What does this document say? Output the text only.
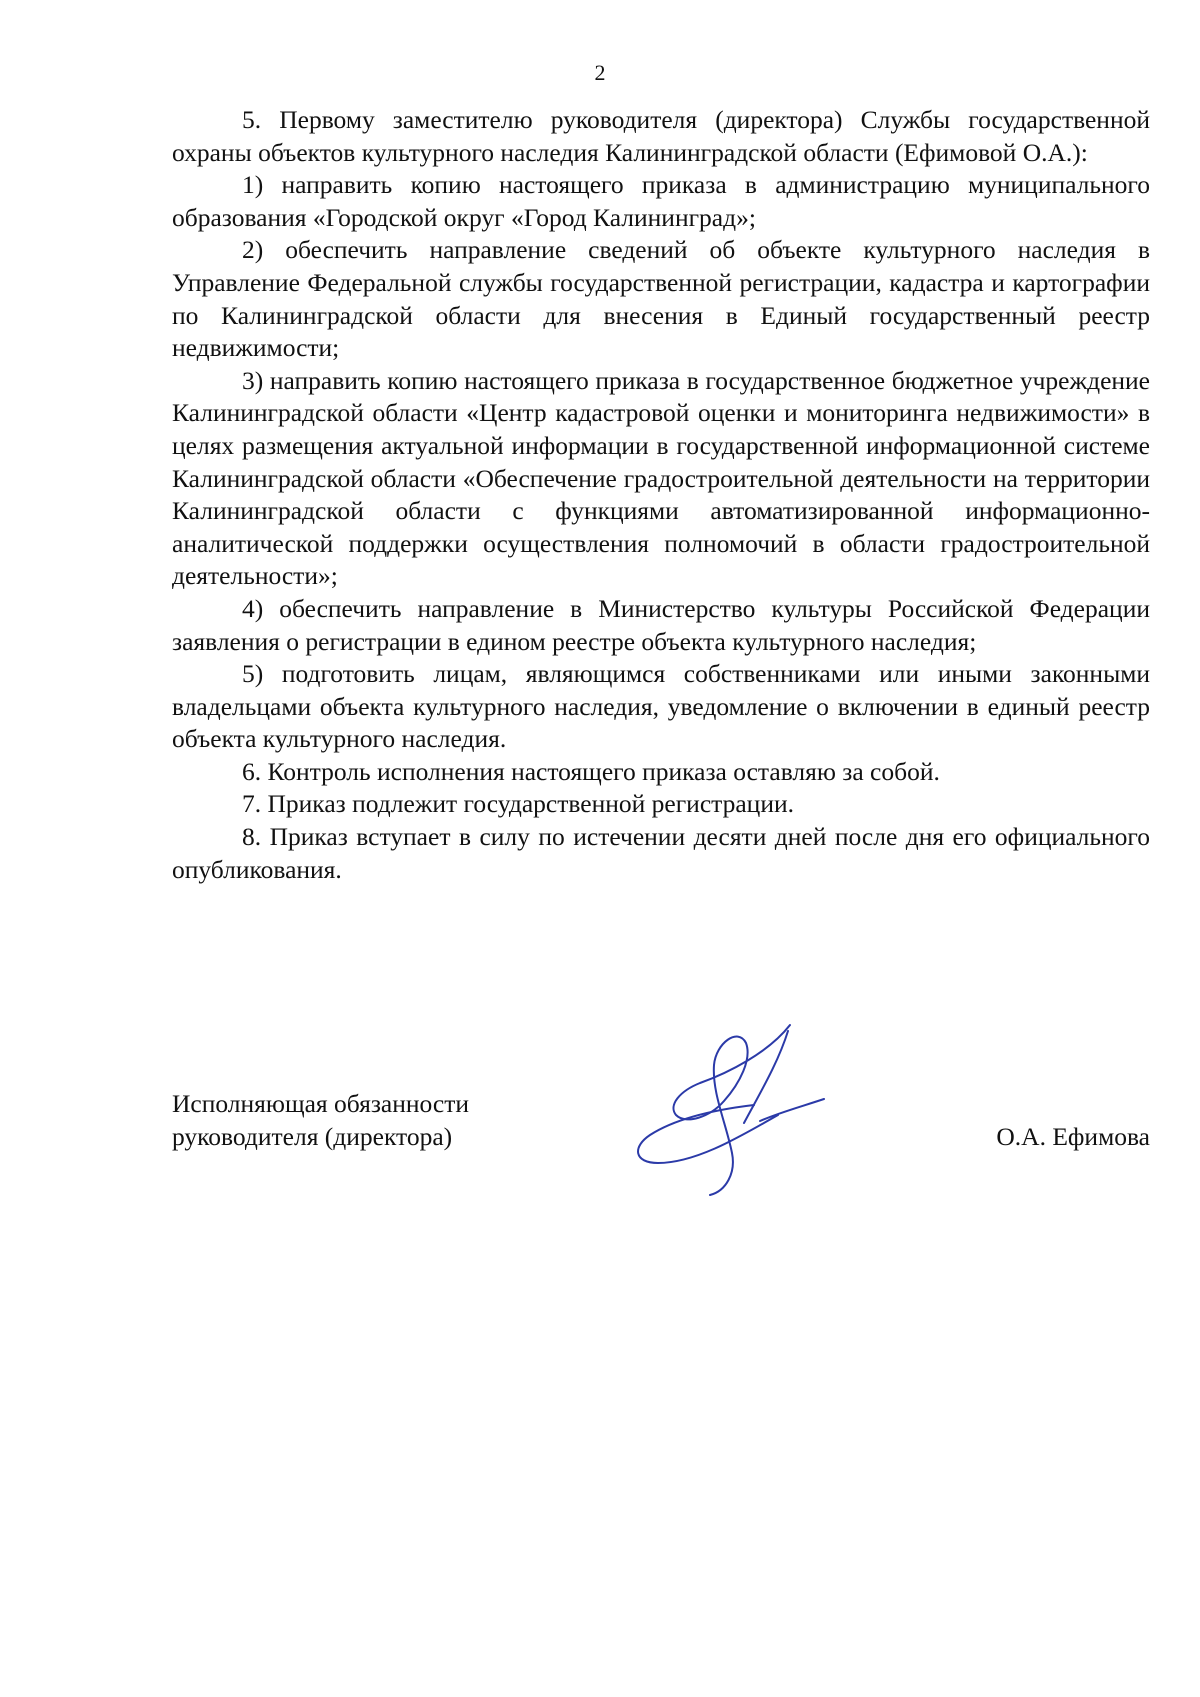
2

5. Первому заместителю руководителя (директора) Службы государственной охраны объектов культурного наследия Калининградской области (Ефимовой О.А.):

1) направить копию настоящего приказа в администрацию муниципального образования «Городской округ «Город Калининград»;

2) обеспечить направление сведений об объекте культурного наследия в Управление Федеральной службы государственной регистрации, кадастра и картографии по Калининградской области для внесения в Единый государственный реестр недвижимости;

3) направить копию настоящего приказа в государственное бюджетное учреждение Калининградской области «Центр кадастровой оценки и мониторинга недвижимости» в целях размещения актуальной информации в государственной информационной системе Калининградской области «Обеспечение градостроительной деятельности на территории Калининградской области с функциями автоматизированной информационно-аналитической поддержки осуществления полномочий в области градостроительной деятельности»;

4) обеспечить направление в Министерство культуры Российской Федерации заявления о регистрации в едином реестре объекта культурного наследия;

5) подготовить лицам, являющимся собственниками или иными законными владельцами объекта культурного наследия, уведомление о включении в единый реестр объекта культурного наследия.

6. Контроль исполнения настоящего приказа оставляю за собой.

7. Приказ подлежит государственной регистрации.

8. Приказ вступает в силу по истечении десяти дней после дня его официального опубликования.

Исполняющая обязанности
руководителя (директора)	О.А. Ефимова
